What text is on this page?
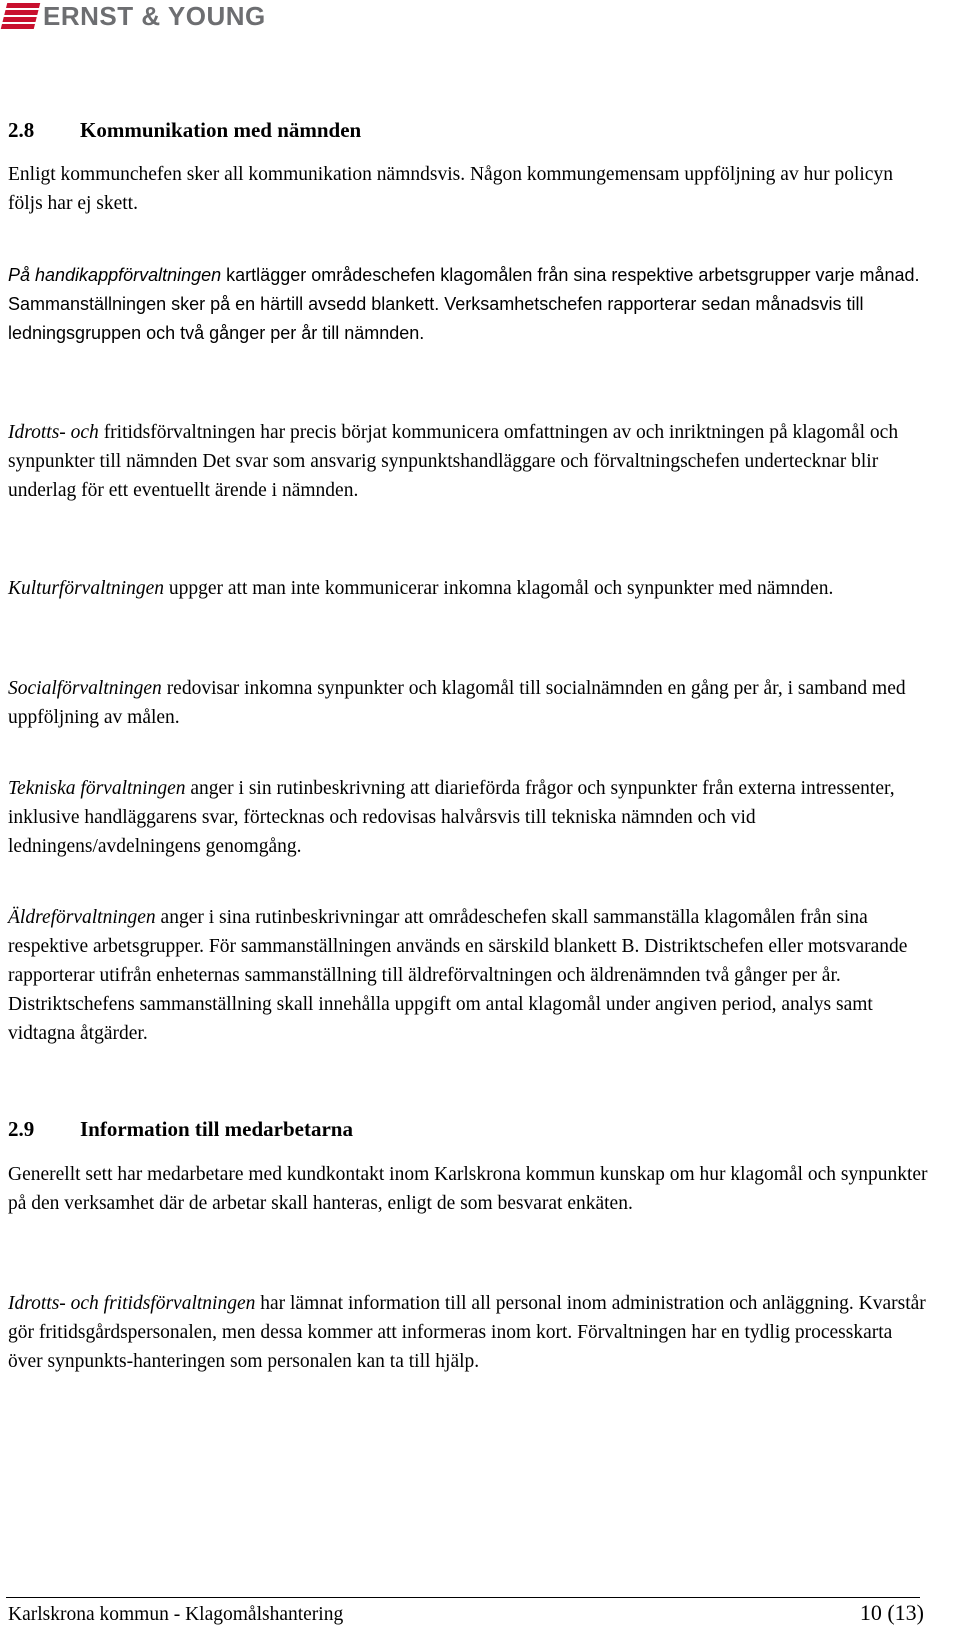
ERNST & YOUNG
2.8 Kommunikation med nämnden

Enligt kommunchefen sker all kommunikation nämndsvis. Någon kommungemensam uppföljning av hur policyn följs har ej skett.

På handikappförvaltningen kartlägger områdeschefen klagomålen från sina respektive arbetsgrupper varje månad. Sammanställningen sker på en härtill avsedd blankett. Verksamhetschefen rapporterar sedan månadsvis till ledningsgruppen och två gånger per år till nämnden.

Idrotts- och fritidsförvaltningen har precis börjat kommunicera omfattningen av och inriktningen på klagomål och synpunkter till nämnden Det svar som ansvarig synpunktshandläggare och förvaltningschefen undertecknar blir underlag för ett eventuellt ärende i nämnden.

Kulturförvaltningen uppger att man inte kommunicerar inkomna klagomål och synpunkter med nämnden.

Socialförvaltningen redovisar inkomna synpunkter och klagomål till socialnämnden en gång per år, i samband med uppföljning av målen.

Tekniska förvaltningen anger i sin rutinbeskrivning att diarieförda frågor och synpunkter från externa intressenter, inklusive handläggarens svar, förtecknas och redovisas halvårsvis till tekniska nämnden och vid ledningens/avdelningens genomgång.

Äldreförvaltningen anger i sina rutinbeskrivningar att områdeschefen skall sammanställa klagomålen från sina respektive arbetsgrupper. För sammanställningen används en särskild blankett B. Distriktschefen eller motsvarande rapporterar utifrån enheternas sammanställning till äldreförvaltningen och äldrenämnden två gånger per år. Distriktschefens sammanställning skall innehålla uppgift om antal klagomål under angiven period, analys samt vidtagna åtgärder.

2.9 Information till medarbetarna

Generellt sett har medarbetare med kundkontakt inom Karlskrona kommun kunskap om hur klagomål och synpunkter på den verksamhet där de arbetar skall hanteras, enligt de som besvarat enkäten.

Idrotts- och fritidsförvaltningen har lämnat information till all personal inom administration och anläggning. Kvarstår gör fritidsgårdspersonalen, men dessa kommer att informeras inom kort. Förvaltningen har en tydlig processkarta över synpunkts-hanteringen som personalen kan ta till hjälp.

Karlskrona kommun - Klagomålshantering	10 (13)
